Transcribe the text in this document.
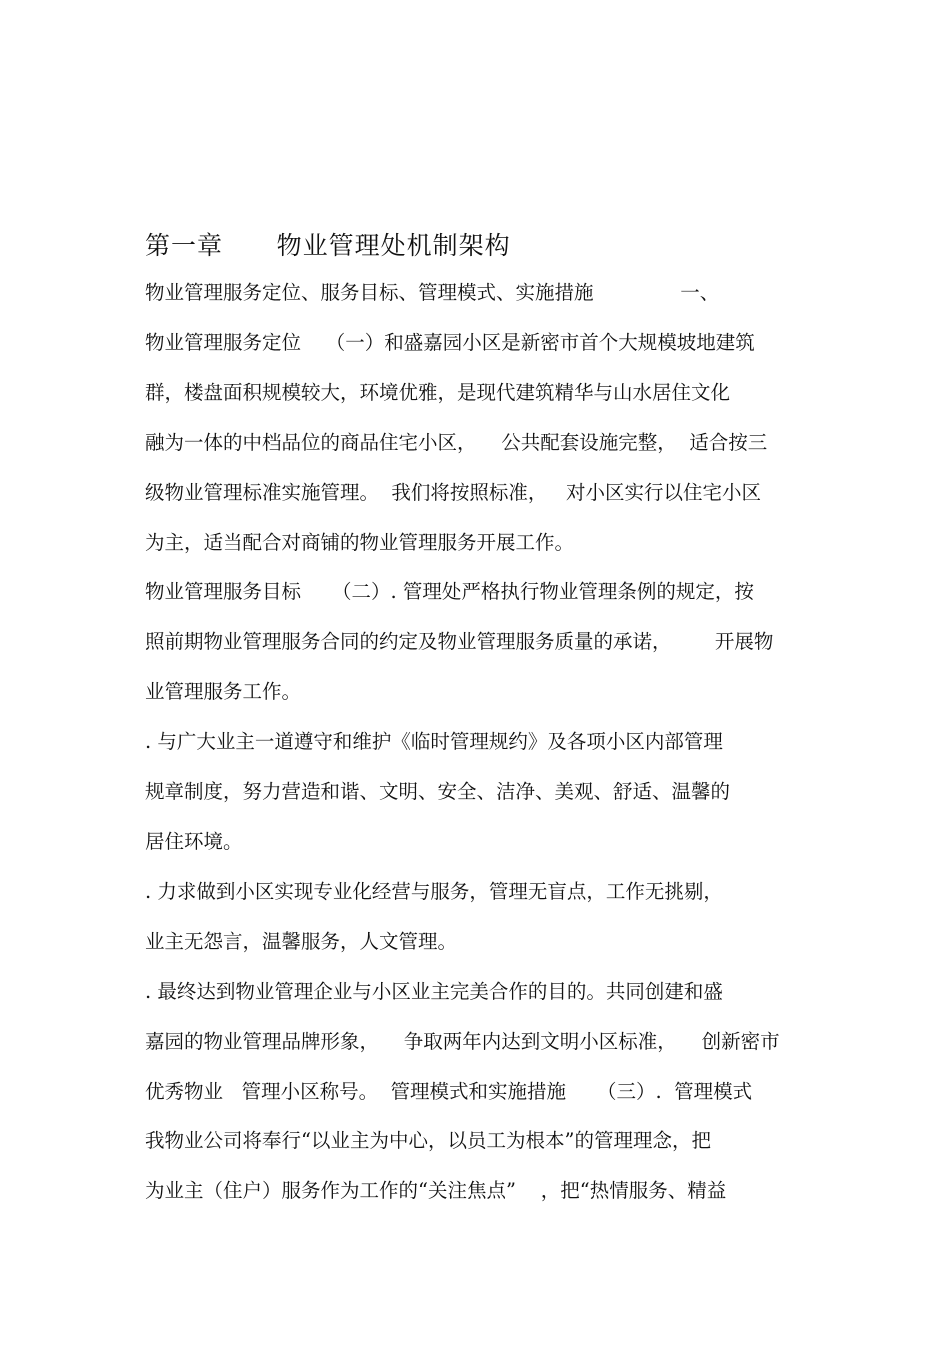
第一章      物业管理处机制架构

物业管理服务定位、服务目标、管理模式、实施措施              一、

物业管理服务定位    （一）和盛嘉园小区是新密市首个大规模坡地建筑

群，楼盘面积规模较大，环境优雅，是现代建筑精华与山水居住文化

融为一体的中档品位的商品住宅小区，    公共配套设施完整，  适合按三

级物业管理标准实施管理。  我们将按照标准，   对小区实行以住宅小区

为主，适当配合对商铺的物业管理服务开展工作。

物业管理服务目标     （二）. 管理处严格执行物业管理条例的规定，按

照前期物业管理服务合同的约定及物业管理服务质量的承诺，       开展物

业管理服务工作。

. 与广大业主一道遵守和维护《临时管理规约》及各项小区内部管理

规章制度，努力营造和谐、文明、安全、洁净、美观、舒适、温馨的

居住环境。

. 力求做到小区实现专业化经营与服务，管理无盲点，工作无挑剔，

业主无怨言，温馨服务，人文管理。

. 最终达到物业管理企业与小区业主完美合作的目的。共同创建和盛

嘉园的物业管理品牌形象，    争取两年内达到文明小区标准，    创新密市

优秀物业   管理小区称号。  管理模式和实施措施     （三）.  管理模式

我物业公司将奉行“以业主为中心，以员工为根本”的管理理念，把

为业主（住户）服务作为工作的“关注焦点”    ，把“热情服务、精益
